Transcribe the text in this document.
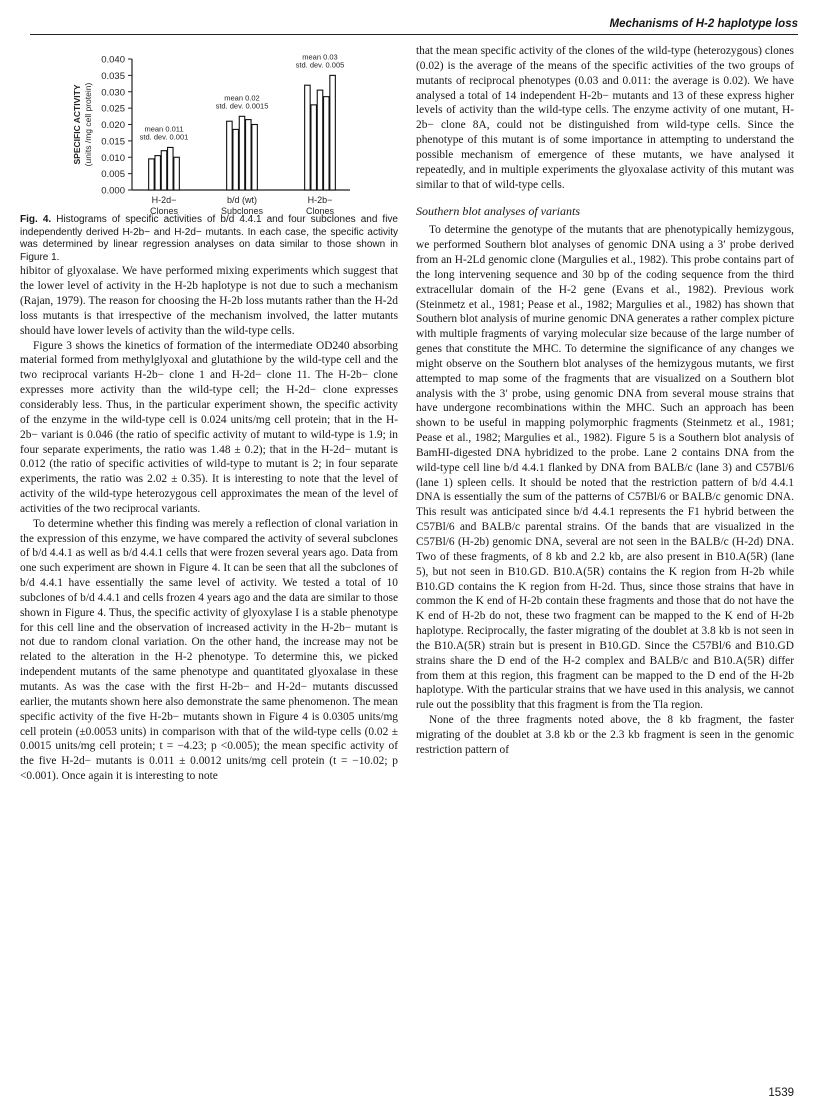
Mechanisms of H-2 haplotype loss
0.000
0.005
0.010
0.015
0.020
0.025
0.030
0.035
0.040
SPECIFIC ACTIVITY (units /mg cell protein)	mean 0.011
std. dev. 0.001
H-2d−
Clones
mean 0.02
std. dev. 0.0015
b/d (wt)
Subclones
mean 0.03
std. dev. 0.005
H-2b−
Clones

Fig. 4. Histograms of specific activities of b/d 4.4.1 and four subclones and five independently derived H-2b− and H-2d− mutants. In each case, the specific activity was determined by linear regression analyses on data similar to those shown in Figure 1.

hibitor of glyoxalase. We have performed mixing experiments which suggest that the lower level of activity in the H-2b haplotype is not due to such a mechanism (Rajan, 1979). The reason for choosing the H-2b loss mutants rather than the H-2d loss mutants is that irrespective of the mechanism involved, the latter mutants should have lower levels of activity than the wild-type cells.

Figure 3 shows the kinetics of formation of the intermediate OD240 absorbing material formed from methylglyoxal and glutathione by the wild-type cell and the two reciprocal variants H-2b− clone 1 and H-2d− clone 11. The H-2b− clone expresses more activity than the wild-type cell; the H-2d− clone expresses considerably less. Thus, in the particular experiment shown, the specific activity of the enzyme in the wild-type cell is 0.024 units/mg cell protein; that in the H-2b− variant is 0.046 (the ratio of specific activity of mutant to wild-type is 1.9; in four separate experiments, the ratio was 1.48 ± 0.2); that in the H-2d− mutant is 0.012 (the ratio of specific activities of wild-type to mutant is 2; in four separate experiments, the ratio was 2.02 ± 0.35). It is interesting to note that the level of activity of the wild-type heterozygous cell approximates the mean of the level of activities of the two reciprocal variants.

To determine whether this finding was merely a reflection of clonal variation in the expression of this enzyme, we have compared the activity of several subclones of b/d 4.4.1 as well as b/d 4.4.1 cells that were frozen several years ago. Data from one such experiment are shown in Figure 4. It can be seen that all the subclones of b/d 4.4.1 have essentially the same level of activity. We tested a total of 10 subclones of b/d 4.4.1 and cells frozen 4 years ago and the data are similar to those shown in Figure 4. Thus, the specific activity of glyoxylase I is a stable phenotype for this cell line and the observation of increased activity in the H-2b− mutant is not due to random clonal variation. On the other hand, the increase may not be related to the alteration in the H-2 phenotype. To determine this, we picked independent mutants of the same phenotype and quantitated glyoxalase in these mutants. As was the case with the first H-2b− and H-2d− mutants discussed earlier, the mutants shown here also demonstrate the same phenomenon. The mean specific activity of the five H-2b− mutants shown in Figure 4 is 0.0305 units/mg cell protein (±0.0053 units) in comparison with that of the wild-type cells (0.02 ± 0.0015 units/mg cell protein; t = −4.23; p <0.005); the mean specific activity of the five H-2d− mutants is 0.011 ± 0.0012 units/mg cell protein (t = −10.02; p <0.001). Once again it is interesting to note

that the mean specific activity of the clones of the wild-type (heterozygous) clones (0.02) is the average of the means of the specific activities of the two groups of mutants of reciprocal phenotypes (0.03 and 0.011: the average is 0.02). We have analysed a total of 14 independent H-2b− mutants and 13 of these express higher levels of activity than the wild-type cells. The enzyme activity of one mutant, H-2b− clone 8A, could not be distinguished from wild-type cells. Since the phenotype of this mutant is of some importance in attempting to understand the possible mechanism of emergence of these mutants, we have analysed it repeatedly, and in multiple experiments the glyoxalase activity of this mutant was similar to that of wild-type cells.

Southern blot analyses of variants

To determine the genotype of the mutants that are phenotypically hemizygous, we performed Southern blot analyses of genomic DNA using a 3′ probe derived from an H-2Ld genomic clone (Margulies et al., 1982). This probe contains part of the long intervening sequence and 30 bp of the coding sequence from the third extracellular domain of the H-2 gene (Evans et al., 1982). Previous work (Steinmetz et al., 1981; Pease et al., 1982; Margulies et al., 1982) has shown that Southern blot analysis of murine genomic DNA generates a rather complex picture with multiple fragments of varying molecular size because of the large number of genes that constitute the MHC. To determine the significance of any changes we might observe on the Southern blot analyses of the hemizygous mutants, we first attempted to map some of the fragments that are visualized on a Southern blot analysis with the 3′ probe, using genomic DNA from several mouse strains that have undergone recombinations within the MHC. Such an approach has been shown to be useful in mapping polymorphic fragments (Steinmetz et al., 1981; Pease et al., 1982; Margulies et al., 1982). Figure 5 is a Southern blot analysis of BamHI-digested DNA hybridized to the probe. Lane 2 contains DNA from the wild-type cell line b/d 4.4.1 flanked by DNA from BALB/c (lane 3) and C57Bl/6 (lane 1) spleen cells. It should be noted that the restriction pattern of b/d 4.4.1 DNA is essentially the sum of the patterns of C57Bl/6 or BALB/c genomic DNA. This result was anticipated since b/d 4.4.1 represents the F1 hybrid between the C57Bl/6 and BALB/c parental strains. Of the bands that are visualized in the C57Bl/6 (H-2b) genomic DNA, several are not seen in the BALB/c (H-2d) DNA. Two of these fragments, of 8 kb and 2.2 kb, are also present in B10.A(5R) (lane 5), but not seen in B10.GD. B10.A(5R) contains the K region from H-2b while B10.GD contains the K region from H-2d. Thus, since those strains that have in common the K end of H-2b contain these fragments and those that do not have the K end of H-2b do not, these two fragment can be mapped to the K end of H-2b haplotype. Reciprocally, the faster migrating of the doublet at 3.8 kb is not seen in the B10.A(5R) strain but is present in B10.GD. Since the C57Bl/6 and B10.GD strains share the D end of the H-2 complex and BALB/c and B10.A(5R) differ from them at this region, this fragment can be mapped to the D end of the H-2b haplotype. With the particular strains that we have used in this analysis, we cannot rule out the possiblity that this fragment is from the Tla region.

None of the three fragments noted above, the 8 kb fragment, the faster migrating of the doublet at 3.8 kb or the 2.3 kb fragment is seen in the genomic restriction pattern of

1539
